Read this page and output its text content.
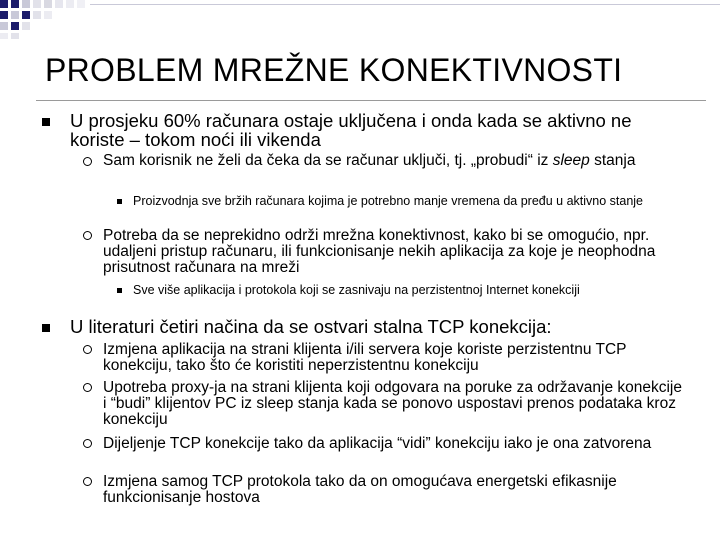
PROBLEM MREŽNE KONEKTIVNOSTI
U prosjeku 60% računara ostaje uključena i onda kada se aktivno ne koriste – tokom noći ili vikenda
Sam korisnik ne želi da čeka da se računar uključi, tj. „probudi“ iz sleep stanja
Proizvodnja sve bržih računara kojima je potrebno manje vremena da pređu u aktivno stanje
Potreba da se neprekidno održi mrežna konektivnost, kako bi se omogućio, npr. udaljeni pristup računaru, ili funkcionisanje nekih aplikacija za koje je neophodna prisutnost računara na mreži
Sve više aplikacija i protokola koji se zasnivaju na perzistentnoj Internet konekciji
U literaturi četiri načina da se ostvari stalna TCP konekcija:
Izmjena aplikacija na strani klijenta i/ili servera koje koriste perzistentnu TCP konekciju, tako što će koristiti neperzistentnu konekciju
Upotreba proxy-ja na strani klijenta koji odgovara na poruke za održavanje konekcije i “budi” klijentov PC iz sleep stanja kada se ponovo uspostavi prenos podataka kroz konekciju
Dijeljenje TCP konekcije tako da aplikacija “vidi” konekciju iako je ona zatvorena
Izmjena samog TCP protokola tako da on omogućava energetski efikasnije funkcionisanje hostova
